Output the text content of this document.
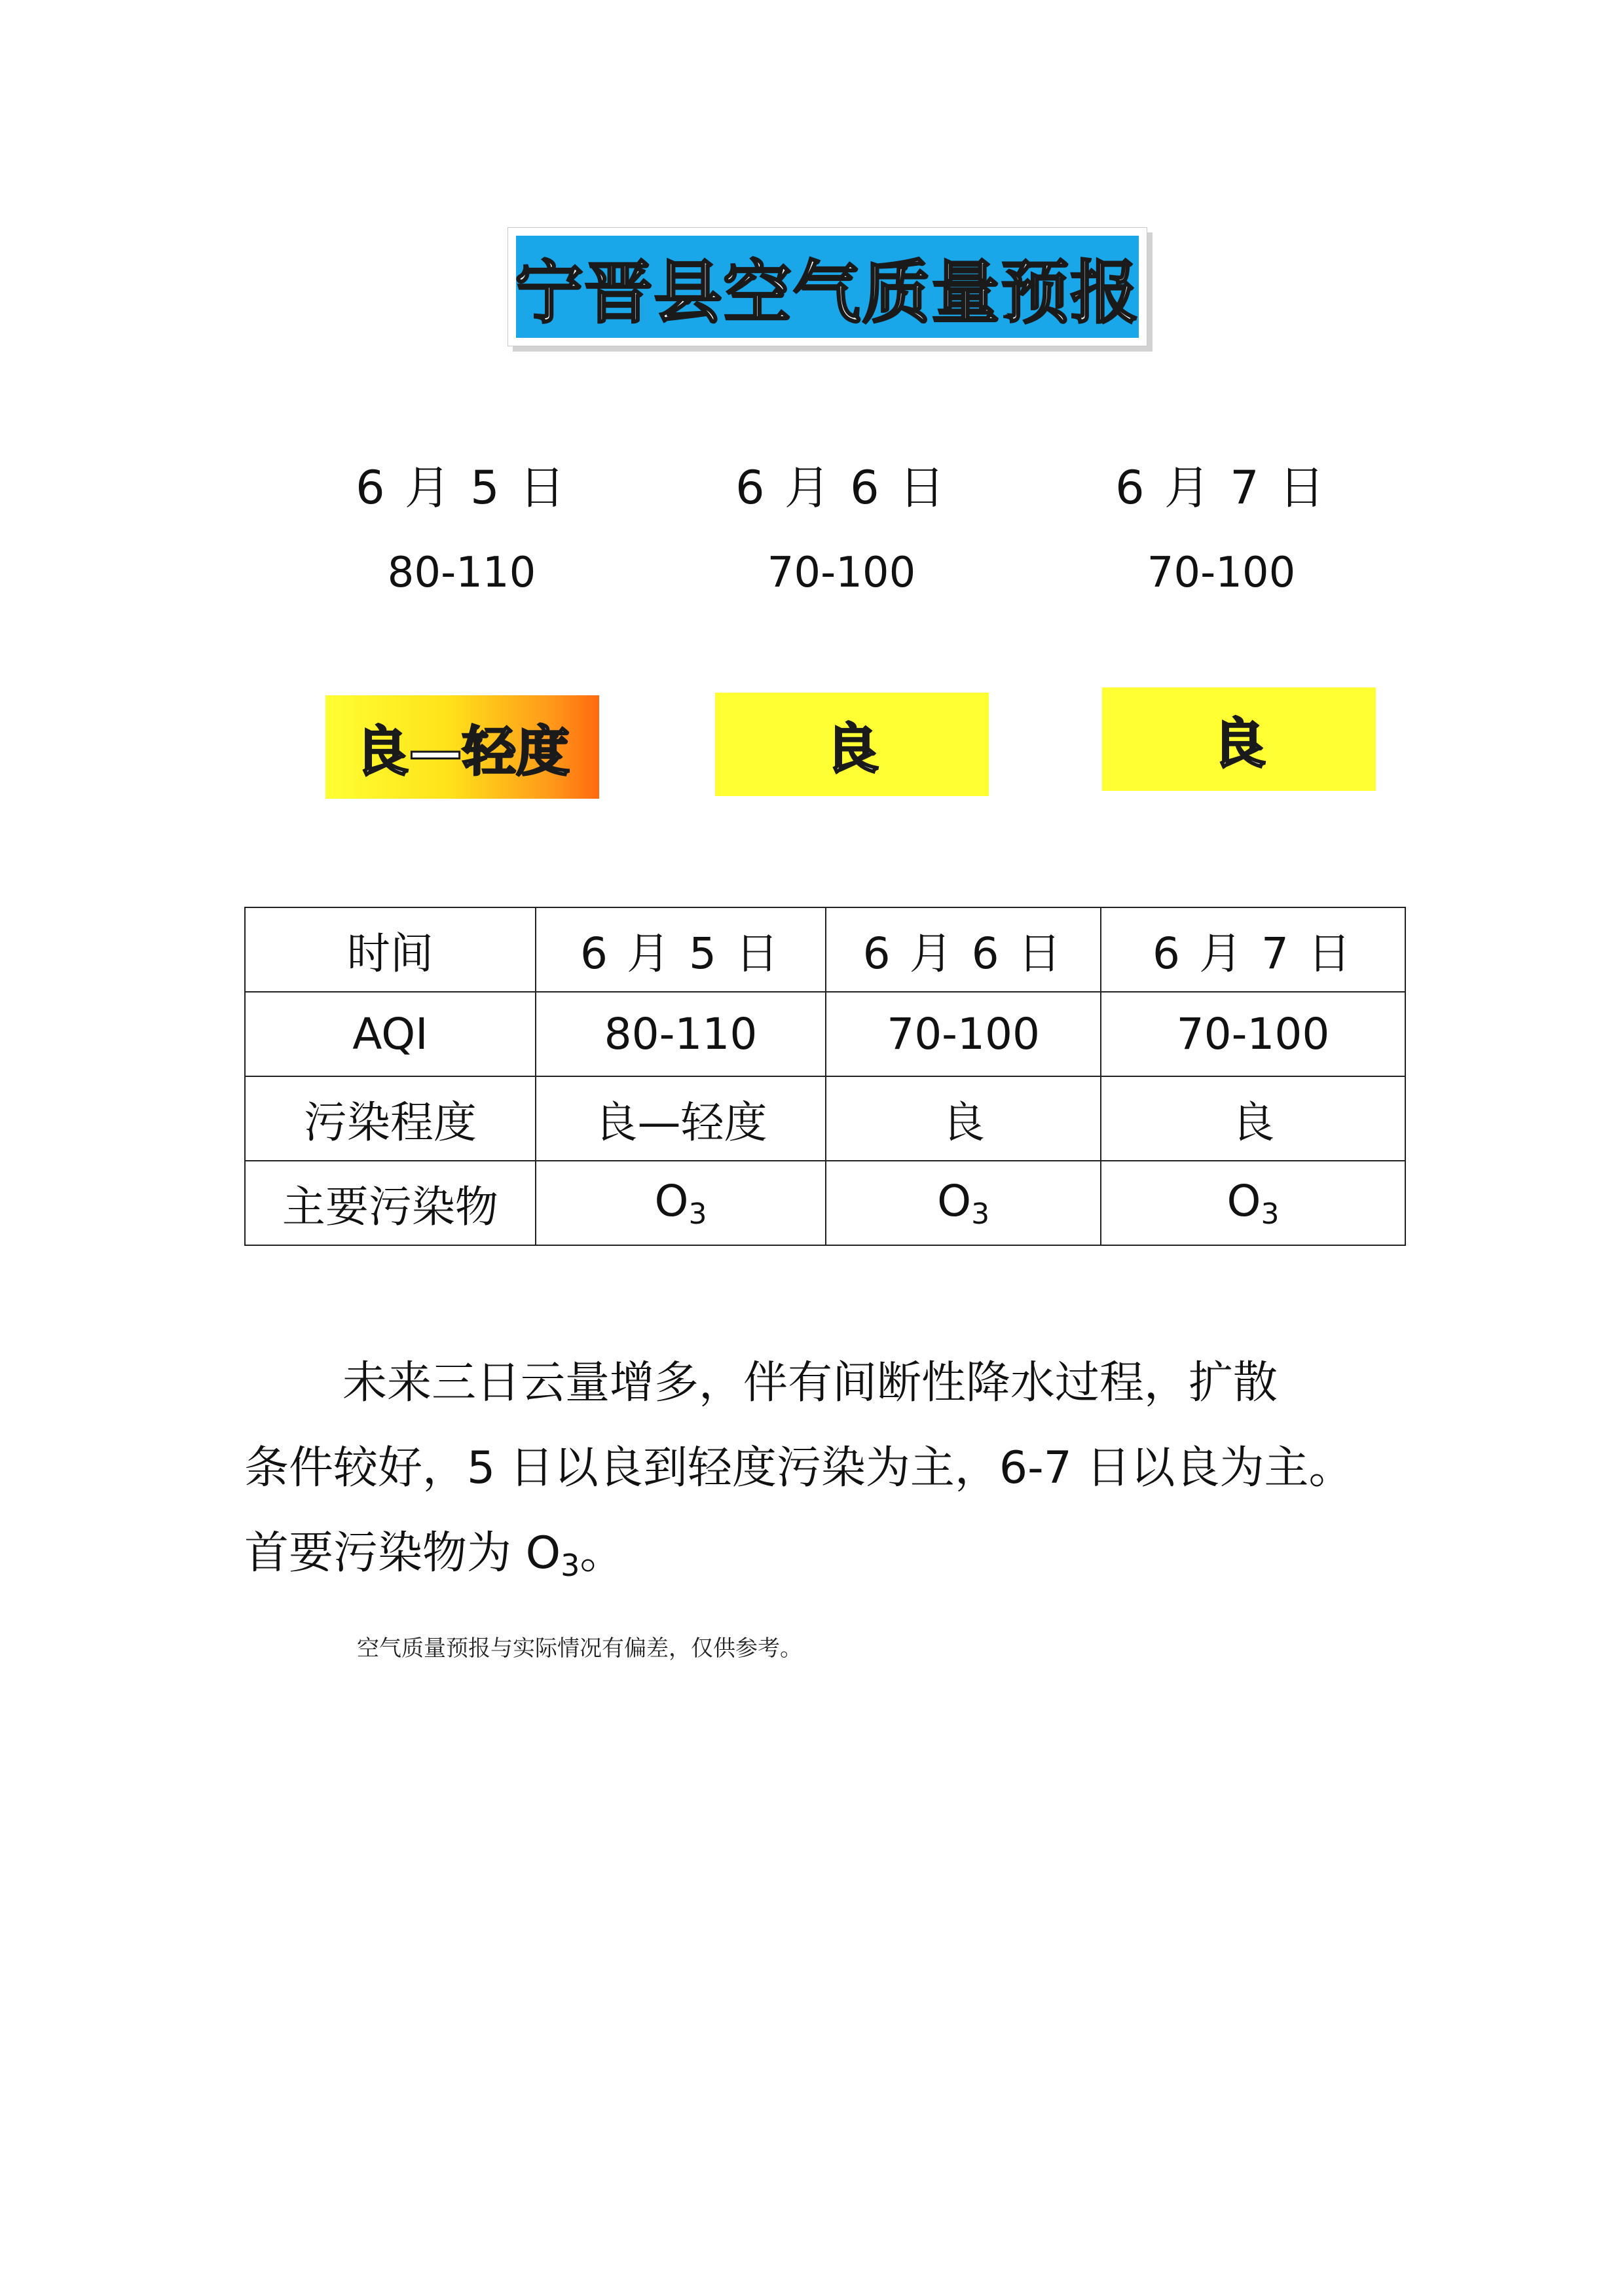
宁晋县空气质量预报
6 月 5 日
80-110
6 月 6 日
70-100
6 月 7 日
70-100
良—轻度	良	良
时间	6 月 5 日	6 月 6 日	6 月 7 日
AQI	80-110	70-100	70-100
污染程度	良—轻度	良	良
主要污染物	$O_3$	$O_3$	$O_3$
未来三日云量增多，伴有间断性降水过程，扩散
条件较好，5 日以良到轻度污染为主，6-7 日以良为主。
首要污染物为 O3。
空气质量预报与实际情况有偏差，仅供参考。
